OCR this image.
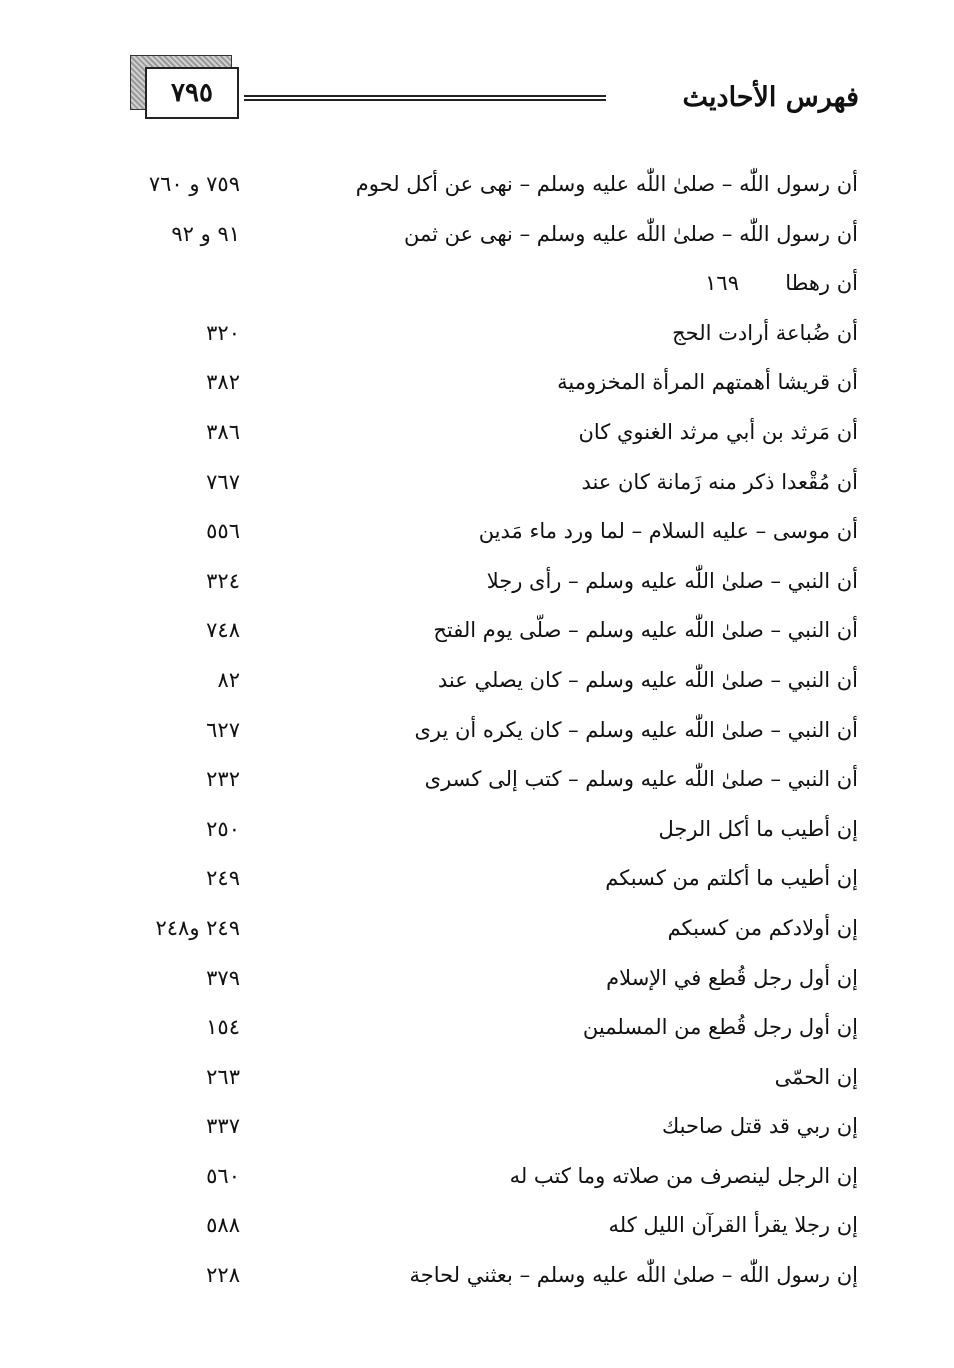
فهرس الأحاديث
٧٩٥
أن رسول اللّٰه – صلىٰ اللّٰه عليه وسلم – نهى عن أكل لحوم
٧٥٩ و ٧٦٠
أن رسول اللّٰه – صلىٰ اللّٰه عليه وسلم – نهى عن ثمن
٩١ و ٩٢
أن رهطا
١٦٩
أن ضُباعة أرادت الحج
٣٢٠
أن قريشا أهمتهم المرأة المخزومية
٣٨٢
أن مَرثد بن أبي مرثد الغنوي كان
٣٨٦
أن مُقْعدا ذكر منه زَمانة كان عند
٧٦٧
أن موسى – عليه السلام – لما ورد ماء مَدين
٥٥٦
أن النبي – صلىٰ اللّٰه عليه وسلم – رأى رجلا
٣٢٤
أن النبي – صلىٰ اللّٰه عليه وسلم – صلّى يوم الفتح
٧٤٨
أن النبي – صلىٰ اللّٰه عليه وسلم – كان يصلي عند
٨٢
أن النبي – صلىٰ اللّٰه عليه وسلم – كان يكره أن يرى
٦٢٧
أن النبي – صلىٰ اللّٰه عليه وسلم – كتب إلى كسرى
٢٣٢
إن أطيب ما أكل الرجل
٢٥٠
إن أطيب ما أكلتم من كسبكم
٢٤٩
إن أولادكم من كسبكم
٢٤٩ و٢٤٨
إن أول رجل قُطع في الإسلام
٣٧٩
إن أول رجل قُطع من المسلمين
١٥٤
إن الحمّى
٢٦٣
إن ربي قد قتل صاحبك
٣٣٧
إن الرجل لينصرف من صلاته وما كتب له
٥٦٠
إن رجلا يقرأ القرآن الليل كله
٥٨٨
إن رسول اللّٰه – صلىٰ اللّٰه عليه وسلم – بعثني لحاجة
٢٢٨
